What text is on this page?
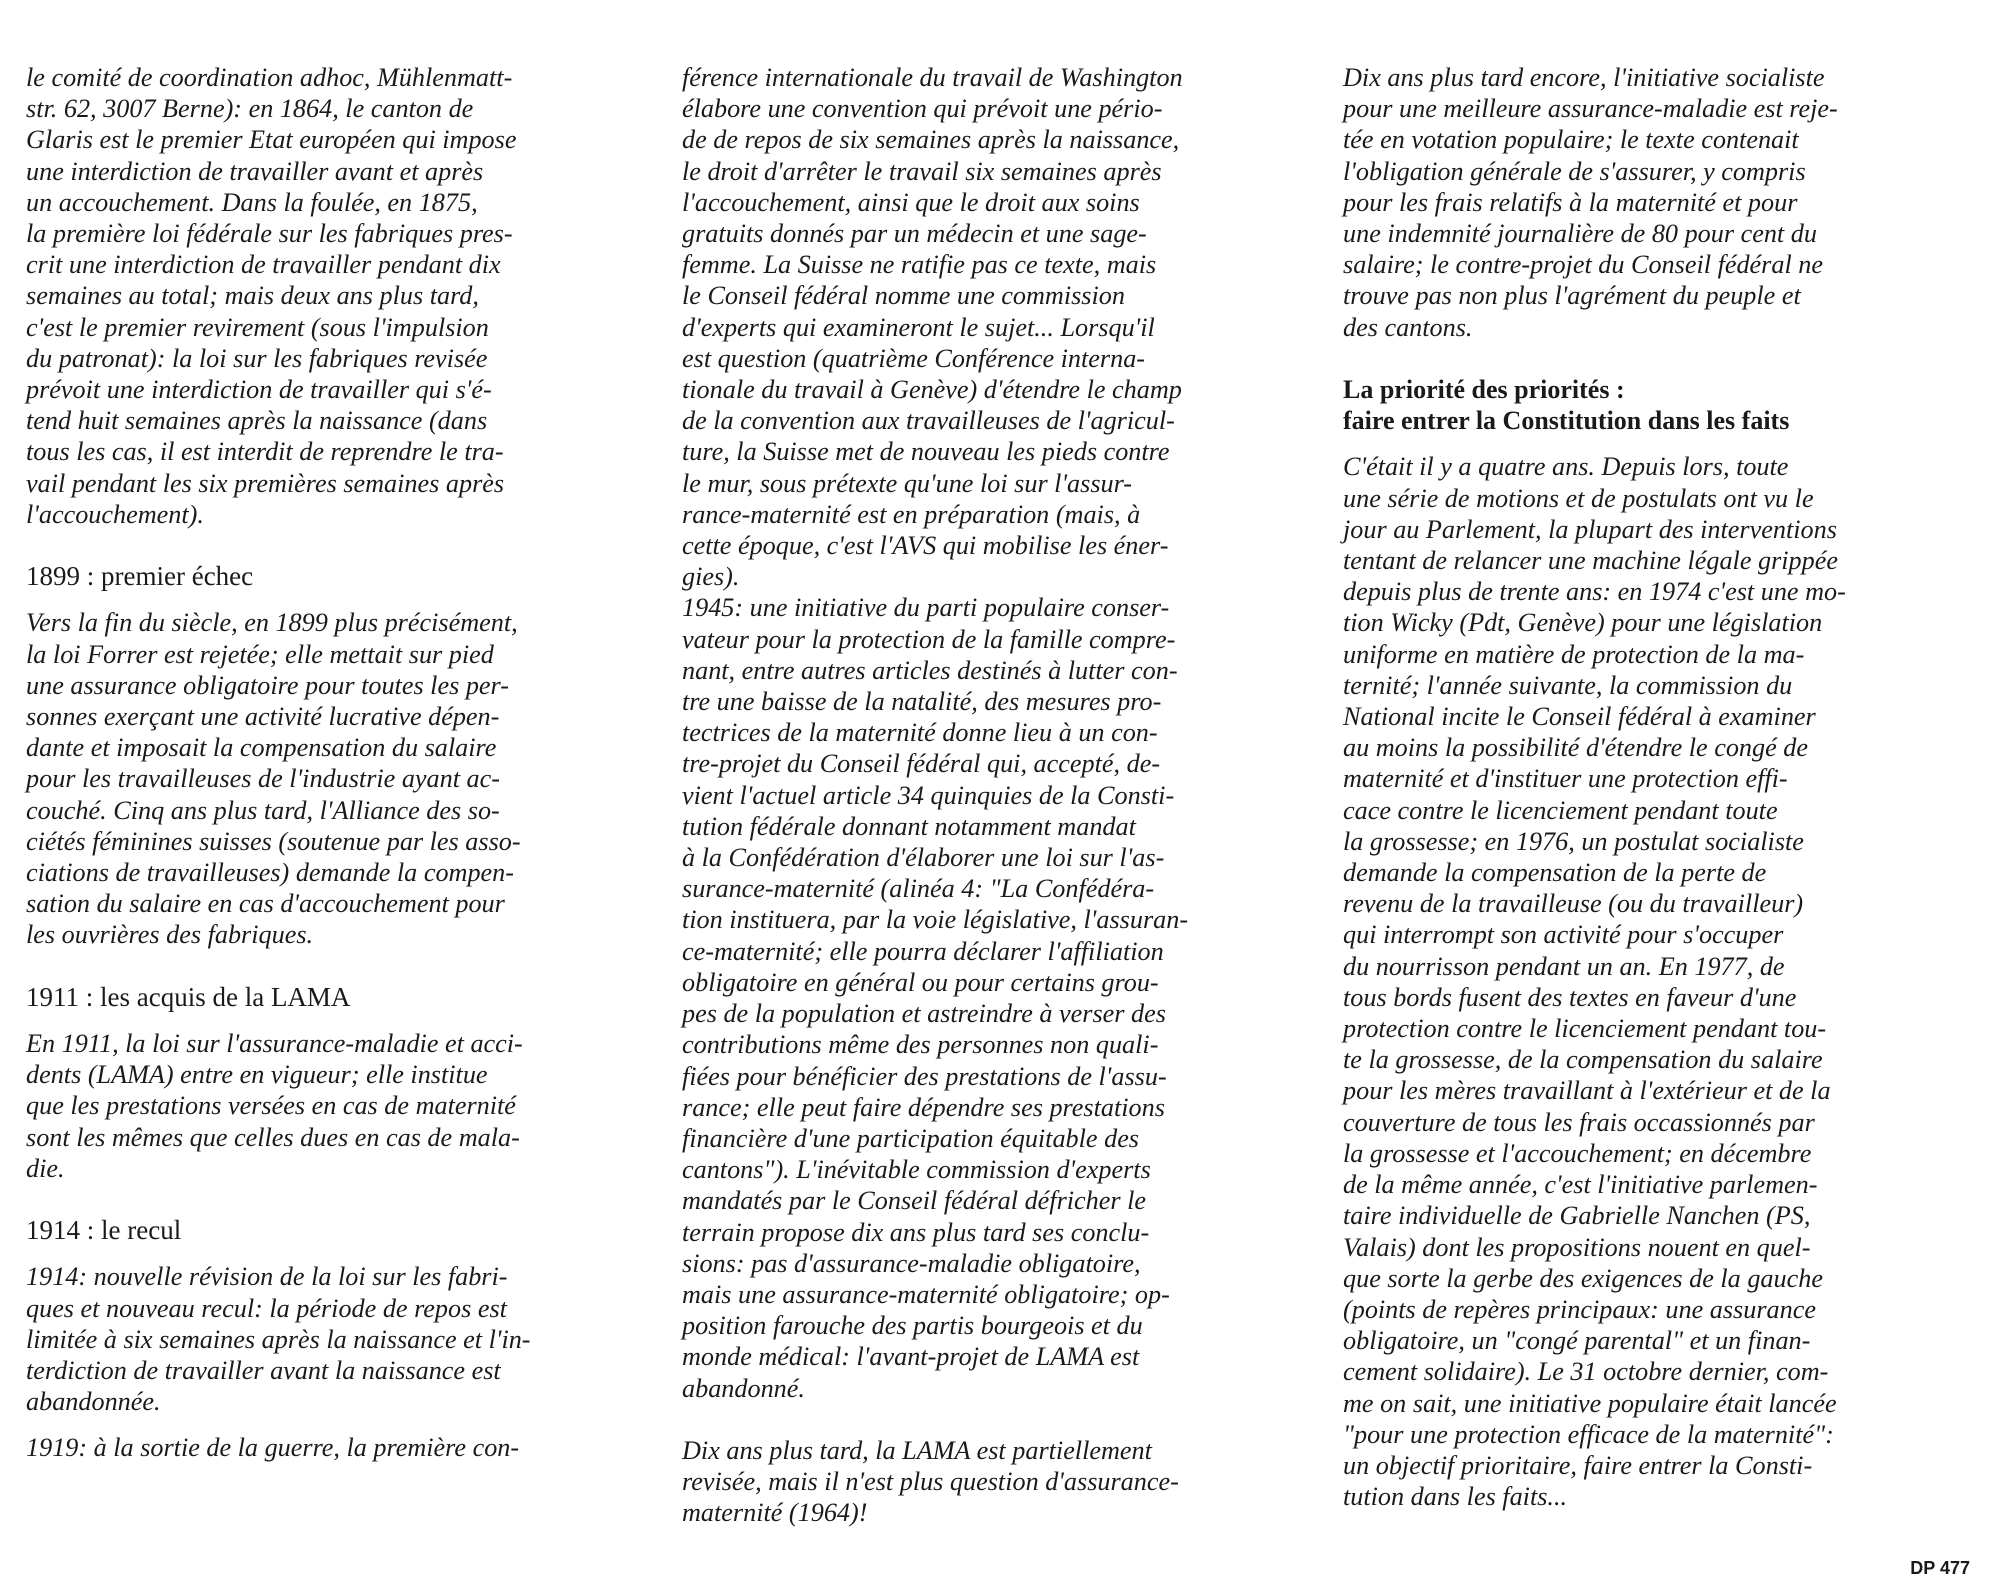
le comité de coordination adhoc, Mühlenmatt-
str. 62, 3007 Berne): en 1864, le canton de
Glaris est le premier Etat européen qui impose
une interdiction de travailler avant et après
un accouchement. Dans la foulée, en 1875,
la première loi fédérale sur les fabriques pres-
crit une interdiction de travailler pendant dix
semaines au total; mais deux ans plus tard,
c'est le premier revirement (sous l'impulsion
du patronat): la loi sur les fabriques revisée
prévoit une interdiction de travailler qui s'é-
tend huit semaines après la naissance (dans
tous les cas, il est interdit de reprendre le tra-
vail pendant les six premières semaines après
l'accouchement).

1899 : premier échec

Vers la fin du siècle, en 1899 plus précisément,
la loi Forrer est rejetée; elle mettait sur pied
une assurance obligatoire pour toutes les per-
sonnes exerçant une activité lucrative dépen-
dante et imposait la compensation du salaire
pour les travailleuses de l'industrie ayant ac-
couché. Cinq ans plus tard, l'Alliance des so-
ciétés féminines suisses (soutenue par les asso-
ciations de travailleuses) demande la compen-
sation du salaire en cas d'accouchement pour
les ouvrières des fabriques.

1911 : les acquis de la LAMA

En 1911, la loi sur l'assurance-maladie et acci-
dents (LAMA) entre en vigueur; elle institue
que les prestations versées en cas de maternité
sont les mêmes que celles dues en cas de mala-
die.

1914 : le recul

1914: nouvelle révision de la loi sur les fabri-
ques et nouveau recul: la période de repos est
limitée à six semaines après la naissance et l'in-
terdiction de travailler avant la naissance est
abandonnée.

1919: à la sortie de la guerre, la première con-

férence internationale du travail de Washington
élabore une convention qui prévoit une pério-
de de repos de six semaines après la naissance,
le droit d'arrêter le travail six semaines après
l'accouchement, ainsi que le droit aux soins
gratuits donnés par un médecin et une sage-
femme. La Suisse ne ratifie pas ce texte, mais
le Conseil fédéral nomme une commission
d'experts qui examineront le sujet... Lorsqu'il
est question (quatrième Conférence interna-
tionale du travail à Genève) d'étendre le champ
de la convention aux travailleuses de l'agricul-
ture, la Suisse met de nouveau les pieds contre
le mur, sous prétexte qu'une loi sur l'assur-
rance-maternité est en préparation (mais, à
cette époque, c'est l'AVS qui mobilise les éner-
gies).

1945: une initiative du parti populaire conser-
vateur pour la protection de la famille compre-
nant, entre autres articles destinés à lutter con-
tre une baisse de la natalité, des mesures pro-
tectrices de la maternité donne lieu à un con-
tre-projet du Conseil fédéral qui, accepté, de-
vient l'actuel article 34 quinquies de la Consti-
tution fédérale donnant notamment mandat
à la Confédération d'élaborer une loi sur l'as-
surance-maternité (alinéa 4: "La Confédéra-
tion instituera, par la voie législative, l'assuran-
ce-maternité; elle pourra déclarer l'affiliation
obligatoire en général ou pour certains grou-
pes de la population et astreindre à verser des
contributions même des personnes non quali-
fiées pour bénéficier des prestations de l'assu-
rance; elle peut faire dépendre ses prestations
financière d'une participation équitable des
cantons"). L'inévitable commission d'experts
mandatés par le Conseil fédéral défricher le
terrain propose dix ans plus tard ses conclu-
sions: pas d'assurance-maladie obligatoire,
mais une assurance-maternité obligatoire; op-
position farouche des partis bourgeois et du
monde médical: l'avant-projet de LAMA est
abandonné.

Dix ans plus tard, la LAMA est partiellement
revisée, mais il n'est plus question d'assurance-
maternité (1964)!

Dix ans plus tard encore, l'initiative socialiste
pour une meilleure assurance-maladie est reje-
tée en votation populaire; le texte contenait
l'obligation générale de s'assurer, y compris
pour les frais relatifs à la maternité et pour
une indemnité journalière de 80 pour cent du
salaire; le contre-projet du Conseil fédéral ne
trouve pas non plus l'agrément du peuple et
des cantons.

La priorité des priorités :
faire entrer la Constitution dans les faits

C'était il y a quatre ans. Depuis lors, toute
une série de motions et de postulats ont vu le
jour au Parlement, la plupart des interventions
tentant de relancer une machine légale grippée
depuis plus de trente ans: en 1974 c'est une mo-
tion Wicky (Pdt, Genève) pour une législation
uniforme en matière de protection de la ma-
ternité; l'année suivante, la commission du
National incite le Conseil fédéral à examiner
au moins la possibilité d'étendre le congé de
maternité et d'instituer une protection effi-
cace contre le licenciement pendant toute
la grossesse; en 1976, un postulat socialiste
demande la compensation de la perte de
revenu de la travailleuse (ou du travailleur)
qui interrompt son activité pour s'occuper
du nourrisson pendant un an. En 1977, de
tous bords fusent des textes en faveur d'une
protection contre le licenciement pendant tou-
te la grossesse, de la compensation du salaire
pour les mères travaillant à l'extérieur et de la
couverture de tous les frais occassionnés par
la grossesse et l'accouchement; en décembre
de la même année, c'est l'initiative parlemen-
taire individuelle de Gabrielle Nanchen (PS,
Valais) dont les propositions nouent en quel-
que sorte la gerbe des exigences de la gauche
(points de repères principaux: une assurance
obligatoire, un "congé parental" et un finan-
cement solidaire). Le 31 octobre dernier, com-
me on sait, une initiative populaire était lancée
"pour une protection efficace de la maternité":
un objectif prioritaire, faire entrer la Consti-
tution dans les faits...

DP 477
